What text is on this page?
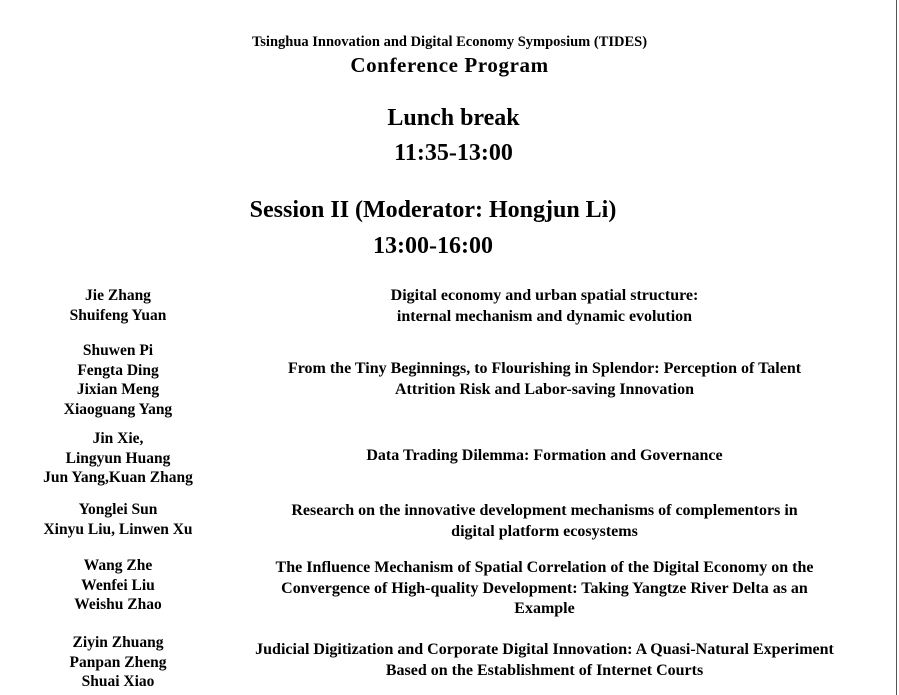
Tsinghua Innovation and Digital Economy Symposium (TIDES)
Conference Program
Lunch break
11:35-13:00
Session II (Moderator: Hongjun Li)
13:00-16:00
Jie Zhang
Shuifeng Yuan
Digital economy and urban spatial structure:
internal mechanism and dynamic evolution
Shuwen Pi
Fengta Ding
Jixian Meng
Xiaoguang Yang
From the Tiny Beginnings, to Flourishing in Splendor: Perception of Talent
Attrition Risk and Labor-saving Innovation
Jin Xie,
Lingyun Huang
Jun Yang,Kuan Zhang
Data Trading Dilemma: Formation and Governance
Yonglei Sun
Xinyu Liu, Linwen Xu
Research on the innovative development mechanisms of complementors in
digital platform ecosystems
Wang Zhe
Wenfei Liu
Weishu Zhao
The Influence Mechanism of Spatial Correlation of the Digital Economy on the
Convergence of High-quality Development: Taking Yangtze River Delta as an
Example
Ziyin Zhuang
Panpan Zheng
Shuai Xiao
Judicial Digitization and Corporate Digital Innovation: A Quasi-Natural Experiment
Based on the Establishment of Internet Courts
